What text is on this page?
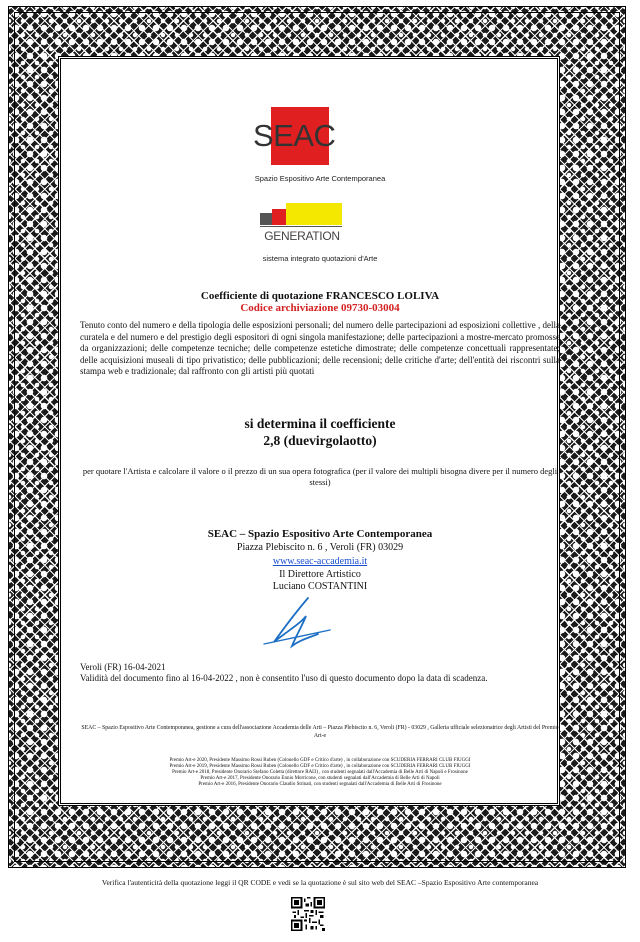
SEAC
Spazio Espositivo Arte Contemporanea
GENERATION
sistema integrato quotazioni d'Arte
Coefficiente di quotazione FRANCESCO LOLIVA
Codice archiviazione 09730-03004
Tenuto conto del numero e della tipologia delle esposizioni personali; del numero delle partecipazioni ad esposizioni collettive , della curatela e del numero e del prestigio degli espositori di ogni singola manifestazione; delle partecipazioni a mostre-mercato promosse da organizzazioni; delle competenze tecniche; delle competenze estetiche dimostrate; delle competenze concettuali rappresentate; delle acquisizioni museali di tipo privatistico; delle pubblicazioni; delle recensioni; delle critiche d'arte; dell'entità dei riscontri sulla stampa web e tradizionale; dal raffronto con gli artisti più quotati
si determina il coefficiente
2,8 (duevirgolaotto)
per quotare l'Artista e calcolare il valore o il prezzo di un sua opera fotografica (per il valore dei multipli bisogna divere per il numero degli stessi)
SEAC – Spazio Espositivo Arte Contemporanea
Piazza Plebiscito n. 6 , Veroli (FR) 03029
www.seac-accademia.it
Il Direttore Artistico
Luciano COSTANTINI
Veroli (FR) 16-04-2021
Validità del documento fino al 16-04-2022 , non è consentito l'uso di questo documento dopo la data di scadenza.
SEAC – Spazio Espositivo Arte Contemporanea, gestione a cura dell'associazione Accademia delle Arti – Piazza Plebiscito n. 6, Veroli (FR) - 03029 , Galleria ufficiale selezionatrice degli Artisti del Premio Art-e
Premio Art-e 2020, Presidente Massimo Rossi Ruben (Colonello GDF e Critico d'arte) , in collaborazione con SCUDERIA FERRARI CLUB FIUGGI
Premio Art-e 2019, Presidente Massimo Rossi Ruben (Colonello GDF e Critico d'arte) , in collaborazione con SCUDERIA FERRARI CLUB FIUGGI
Premio Art-e 2018, Presidente Onorario Stefano Coletta (direttore RAI3) , con studenti segnalati dall'Accademia di Belle Arti di Napoli e Frosinone
Premio Art-e 2017, Presidente Onorario Ennio Morricone, con studenti segnalati dall'Accademia di Belle Arti di Napoli
Premio Art-e 2016, Presidente Onorario Claudio Strinati, con studenti segnalati dall'Accademia di Belle Arti di Frosinone
Verifica l'autenticità della quotazione leggi il QR CODE e vedi se la quotazione è sul sito web del SEAC –Spazio Espositivo Arte contemporanea
